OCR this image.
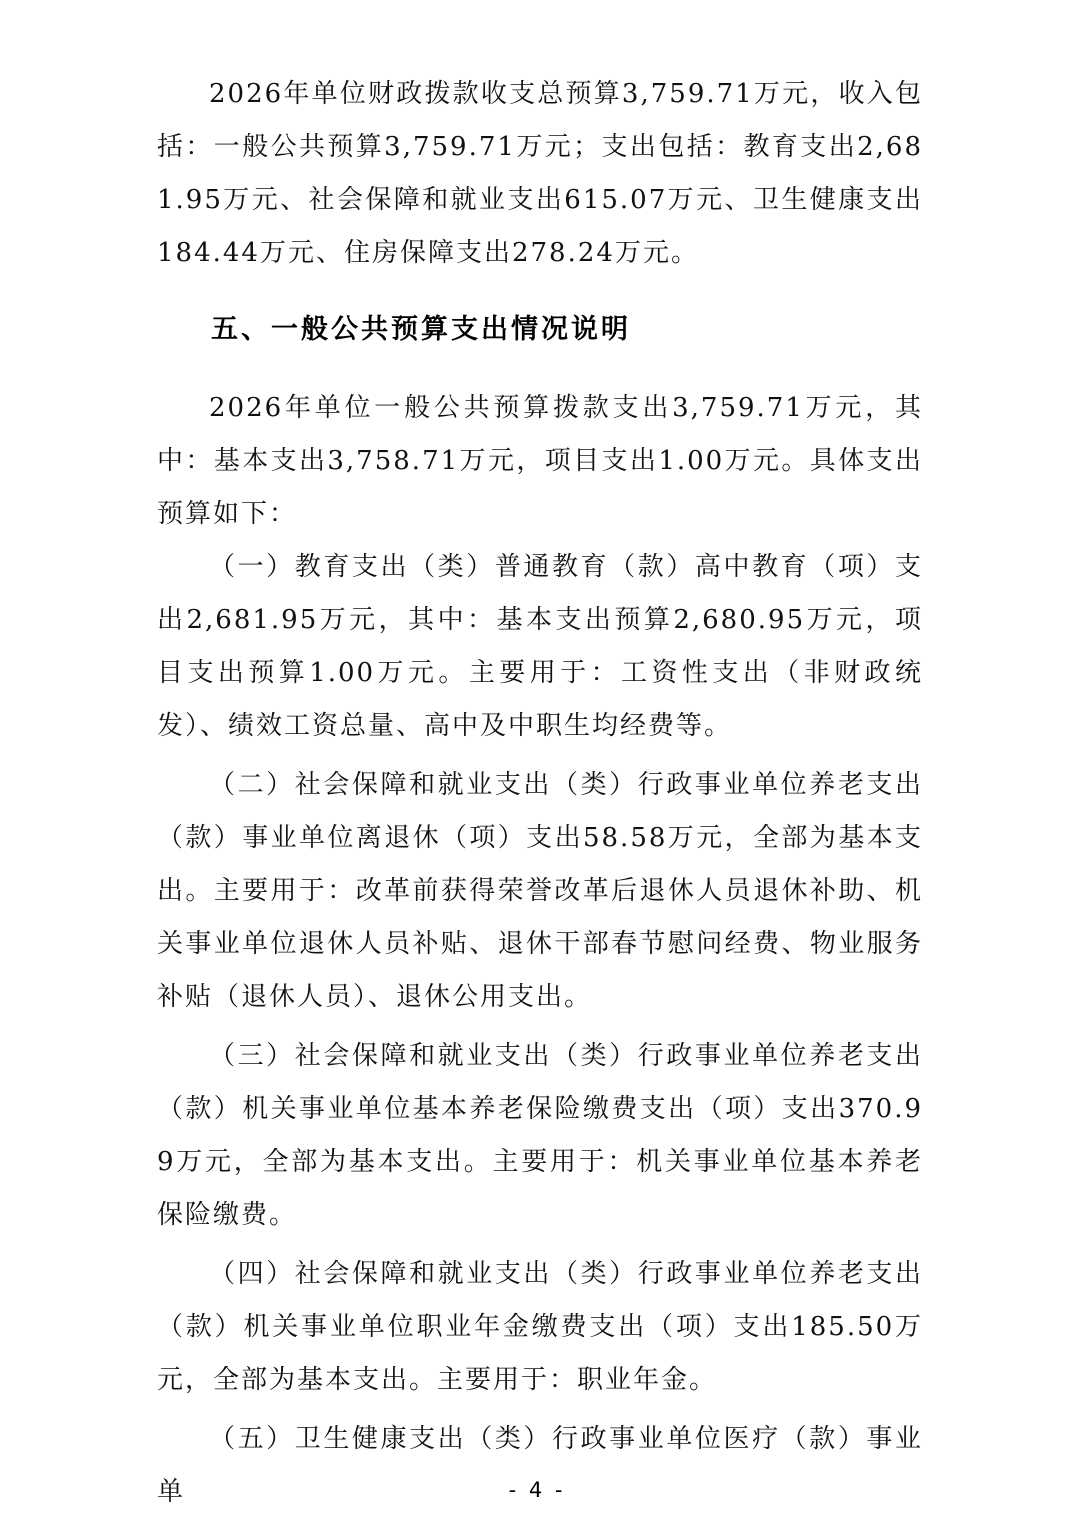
2026年单位财政拨款收支总预算3,759.71万元，收入包括：一般公共预算3,759.71万元；支出包括：教育支出2,681.95万元、社会保障和就业支出615.07万元、卫生健康支出184.44万元、住房保障支出278.24万元。

五、一般公共预算支出情况说明

2026年单位一般公共预算拨款支出3,759.71万元，其中：基本支出3,758.71万元，项目支出1.00万元。具体支出预算如下：

（一）教育支出（类）普通教育（款）高中教育（项）支出2,681.95万元，其中：基本支出预算2,680.95万元，项目支出预算1.00万元。主要用于：工资性支出（非财政统发）、绩效工资总量、高中及中职生均经费等。

（二）社会保障和就业支出（类）行政事业单位养老支出（款）事业单位离退休（项）支出58.58万元，全部为基本支出。主要用于：改革前获得荣誉改革后退休人员退休补助、机关事业单位退休人员补贴、退休干部春节慰问经费、物业服务补贴（退休人员）、退休公用支出。

（三）社会保障和就业支出（类）行政事业单位养老支出（款）机关事业单位基本养老保险缴费支出（项）支出370.99万元，全部为基本支出。主要用于：机关事业单位基本养老保险缴费。

（四）社会保障和就业支出（类）行政事业单位养老支出（款）机关事业单位职业年金缴费支出（项）支出185.50万元，全部为基本支出。主要用于：职业年金。

（五）卫生健康支出（类）行政事业单位医疗（款）事业单	- 4 -
